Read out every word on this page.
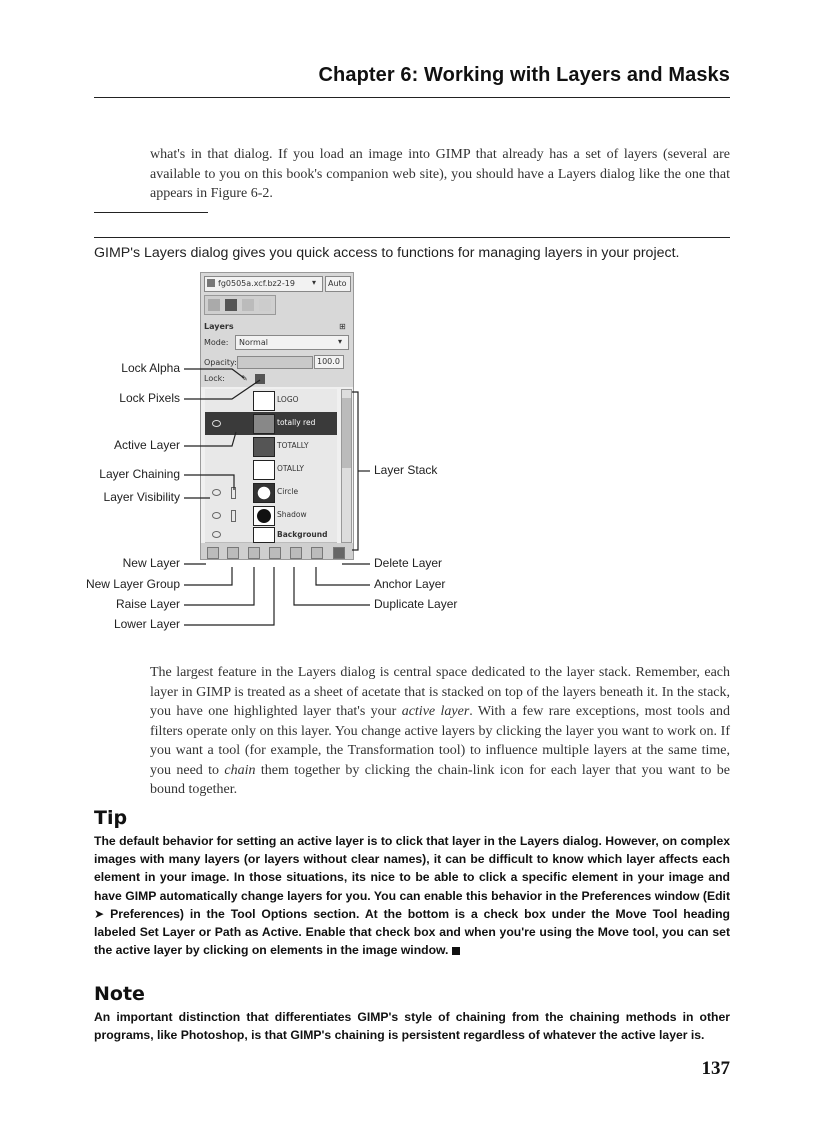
Chapter 6: Working with Layers and Masks
what's in that dialog. If you load an image into GIMP that already has a set of layers (several are available to you on this book's companion web site), you should have a Layers dialog like the one that appears in Figure 6-2.
GIMP's Layers dialog gives you quick access to functions for managing layers in your project.
fg0505a.xcf.bz2-19 ▾ Auto
Layers	⊞
Mode: Normal	▾
Opacity:	100.0
Lock: ✎
LOGO
totally red
TOTALLY
OTALLY
Circle
Shadow
Background
Lock Alpha
Lock Pixels
Active Layer
Layer Chaining
Layer Visibility
New Layer
New Layer Group
Raise Layer
Lower Layer
Layer Stack
Delete Layer
Anchor Layer
Duplicate Layer
The largest feature in the Layers dialog is central space dedicated to the layer stack. Remember, each layer in GIMP is treated as a sheet of acetate that is stacked on top of the layers beneath it. In the stack, you have one highlighted layer that's your active layer. With a few rare exceptions, most tools and filters operate only on this layer. You change active layers by clicking the layer you want to work on. If you want a tool (for example, the Transformation tool) to influence multiple layers at the same time, you need to chain them together by clicking the chain-link icon for each layer that you want to be bound together.
Tip
The default behavior for setting an active layer is to click that layer in the Layers dialog. However, on complex images with many layers (or layers without clear names), it can be difficult to know which layer affects each element in your image. In those situations, its nice to be able to click a specific element in your image and have GIMP automatically change layers for you. You can enable this behavior in the Preferences window (Edit ➤ Preferences) in the Tool Options section. At the bottom is a check box under the Move Tool heading labeled Set Layer or Path as Active. Enable that check box and when you're using the Move tool, you can set the active layer by clicking on elements in the image window.
Note
An important distinction that differentiates GIMP's style of chaining from the chaining methods in other programs, like Photoshop, is that GIMP's chaining is persistent regardless of whatever the active layer is.
137
